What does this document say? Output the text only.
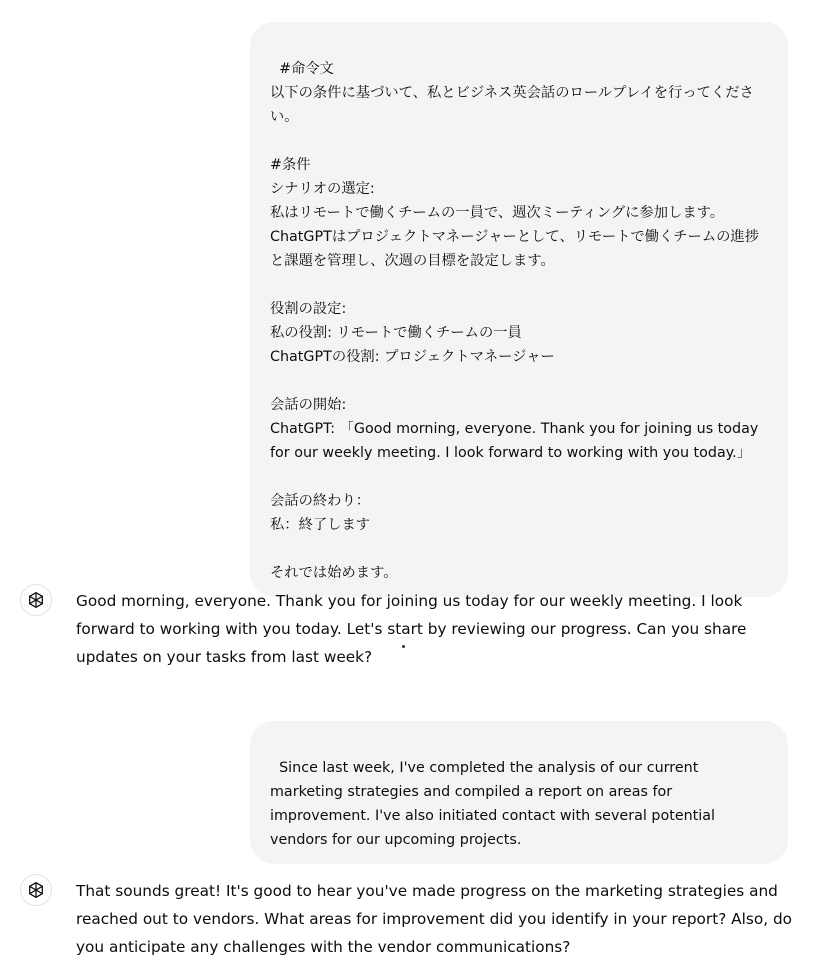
#命令文
以下の条件に基づいて、私とビジネス英会話のロールプレイを行ってください。

#条件
シナリオの選定:
私はリモートで働くチームの一員で、週次ミーティングに参加します。
ChatGPTはプロジェクトマネージャーとして、リモートで働くチームの進捗と課題を管理し、次週の目標を設定します。

役割の設定:
私の役割: リモートで働くチームの一員
ChatGPTの役割: プロジェクトマネージャー

会話の開始:
ChatGPT: 「Good morning, everyone. Thank you for joining us today for our weekly meeting. I look forward to working with you today.」

会話の終わり：
私：終了します

それでは始めます。

Good morning, everyone. Thank you for joining us today for our weekly meeting. I look forward to working with you today. Let's start by reviewing our progress. Can you share updates on your tasks from last week?

Since last week, I've completed the analysis of our current marketing strategies and compiled a report on areas for improvement. I've also initiated contact with several potential vendors for our upcoming projects.

That sounds great! It's good to hear you've made progress on the marketing strategies and reached out to vendors. What areas for improvement did you identify in your report? Also, do you anticipate any challenges with the vendor communications?
